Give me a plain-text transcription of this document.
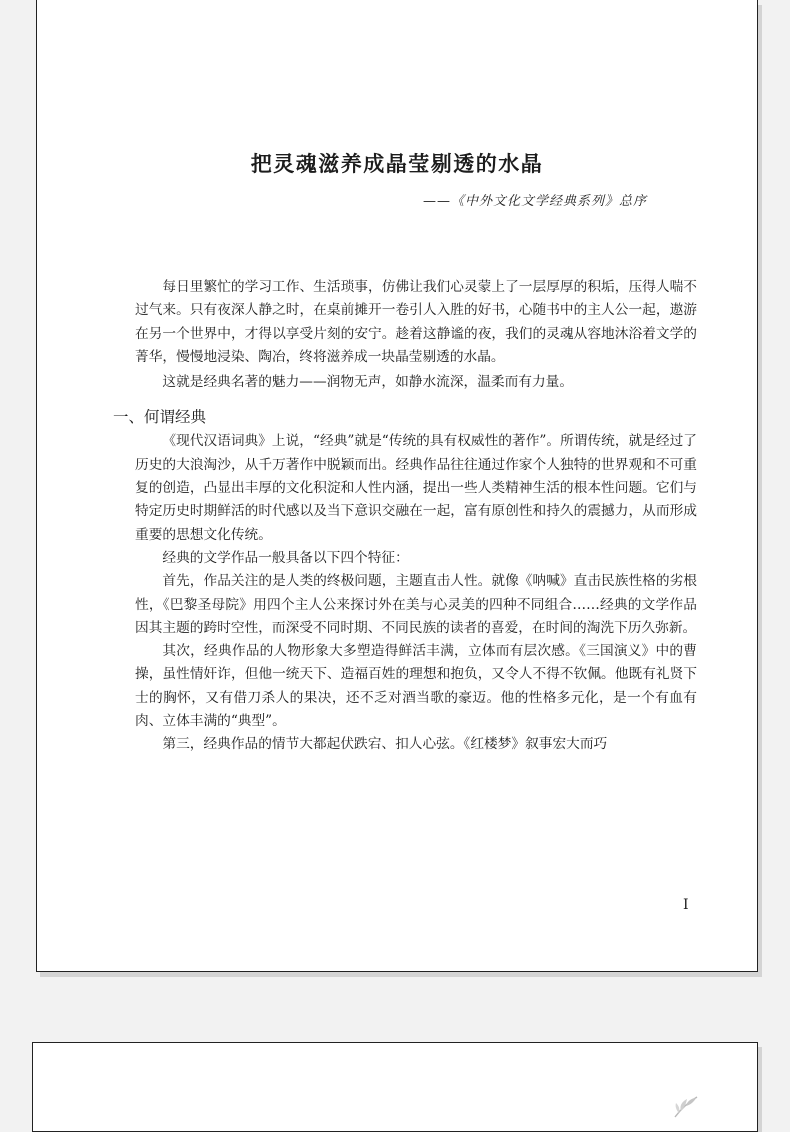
把灵魂滋养成晶莹剔透的水晶
——《中外文化文学经典系列》总序

每日里繁忙的学习工作、生活琐事，仿佛让我们心灵蒙上了一层厚厚的积垢，压得人喘不过气来。只有夜深人静之时，在桌前摊开一卷引人入胜的好书，心随书中的主人公一起，遨游在另一个世界中，才得以享受片刻的安宁。趁着这静谧的夜，我们的灵魂从容地沐浴着文学的菁华，慢慢地浸染、陶冶，终将滋养成一块晶莹剔透的水晶。

这就是经典名著的魅力——润物无声，如静水流深，温柔而有力量。

一、何谓经典

《现代汉语词典》上说，“经典”就是“传统的具有权威性的著作”。所谓传统，就是经过了历史的大浪淘沙，从千万著作中脱颖而出。经典作品往往通过作家个人独特的世界观和不可重复的创造，凸显出丰厚的文化积淀和人性内涵，提出一些人类精神生活的根本性问题。它们与特定历史时期鲜活的时代感以及当下意识交融在一起，富有原创性和持久的震撼力，从而形成重要的思想文化传统。

经典的文学作品一般具备以下四个特征：

首先，作品关注的是人类的终极问题，主题直击人性。就像《呐喊》直击民族性格的劣根性，《巴黎圣母院》用四个主人公来探讨外在美与心灵美的四种不同组合……经典的文学作品因其主题的跨时空性，而深受不同时期、不同民族的读者的喜爱，在时间的淘洗下历久弥新。

其次，经典作品的人物形象大多塑造得鲜活丰满，立体而有层次感。《三国演义》中的曹操，虽性情奸诈，但他一统天下、造福百姓的理想和抱负，又令人不得不钦佩。他既有礼贤下士的胸怀，又有借刀杀人的果决，还不乏对酒当歌的豪迈。他的性格多元化，是一个有血有肉、立体丰满的“典型”。

第三，经典作品的情节大都起伏跌宕、扣人心弦。《红楼梦》叙事宏大而巧

I
